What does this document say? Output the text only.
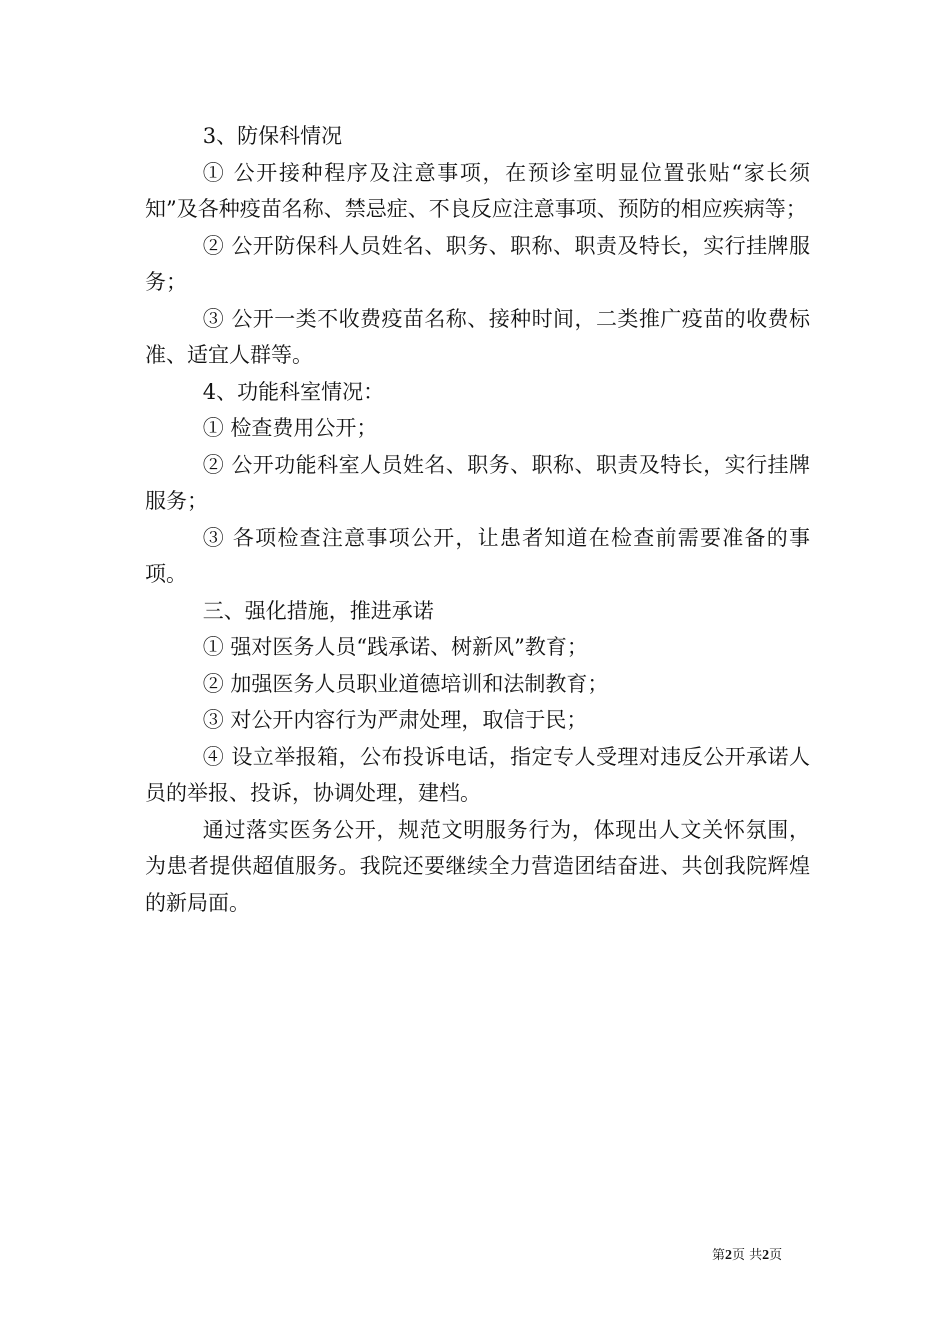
3、防保科情况

① 公开接种程序及注意事项，在预诊室明显位置张贴“家长须知”及各种疫苗名称、禁忌症、不良反应注意事项、预防的相应疾病等；

② 公开防保科人员姓名、职务、职称、职责及特长，实行挂牌服务；

③ 公开一类不收费疫苗名称、接种时间，二类推广疫苗的收费标准、适宜人群等。

4、功能科室情况：

① 检查费用公开；

② 公开功能科室人员姓名、职务、职称、职责及特长，实行挂牌服务；

③ 各项检查注意事项公开，让患者知道在检查前需要准备的事项。

三、强化措施，推进承诺

① 强对医务人员“践承诺、树新风”教育；

② 加强医务人员职业道德培训和法制教育；

③ 对公开内容行为严肃处理，取信于民；

④ 设立举报箱，公布投诉电话，指定专人受理对违反公开承诺人员的举报、投诉，协调处理，建档。

通过落实医务公开，规范文明服务行为，体现出人文关怀氛围，为患者提供超值服务。我院还要继续全力营造团结奋进、共创我院辉煌的新局面。

第2页 共2页
